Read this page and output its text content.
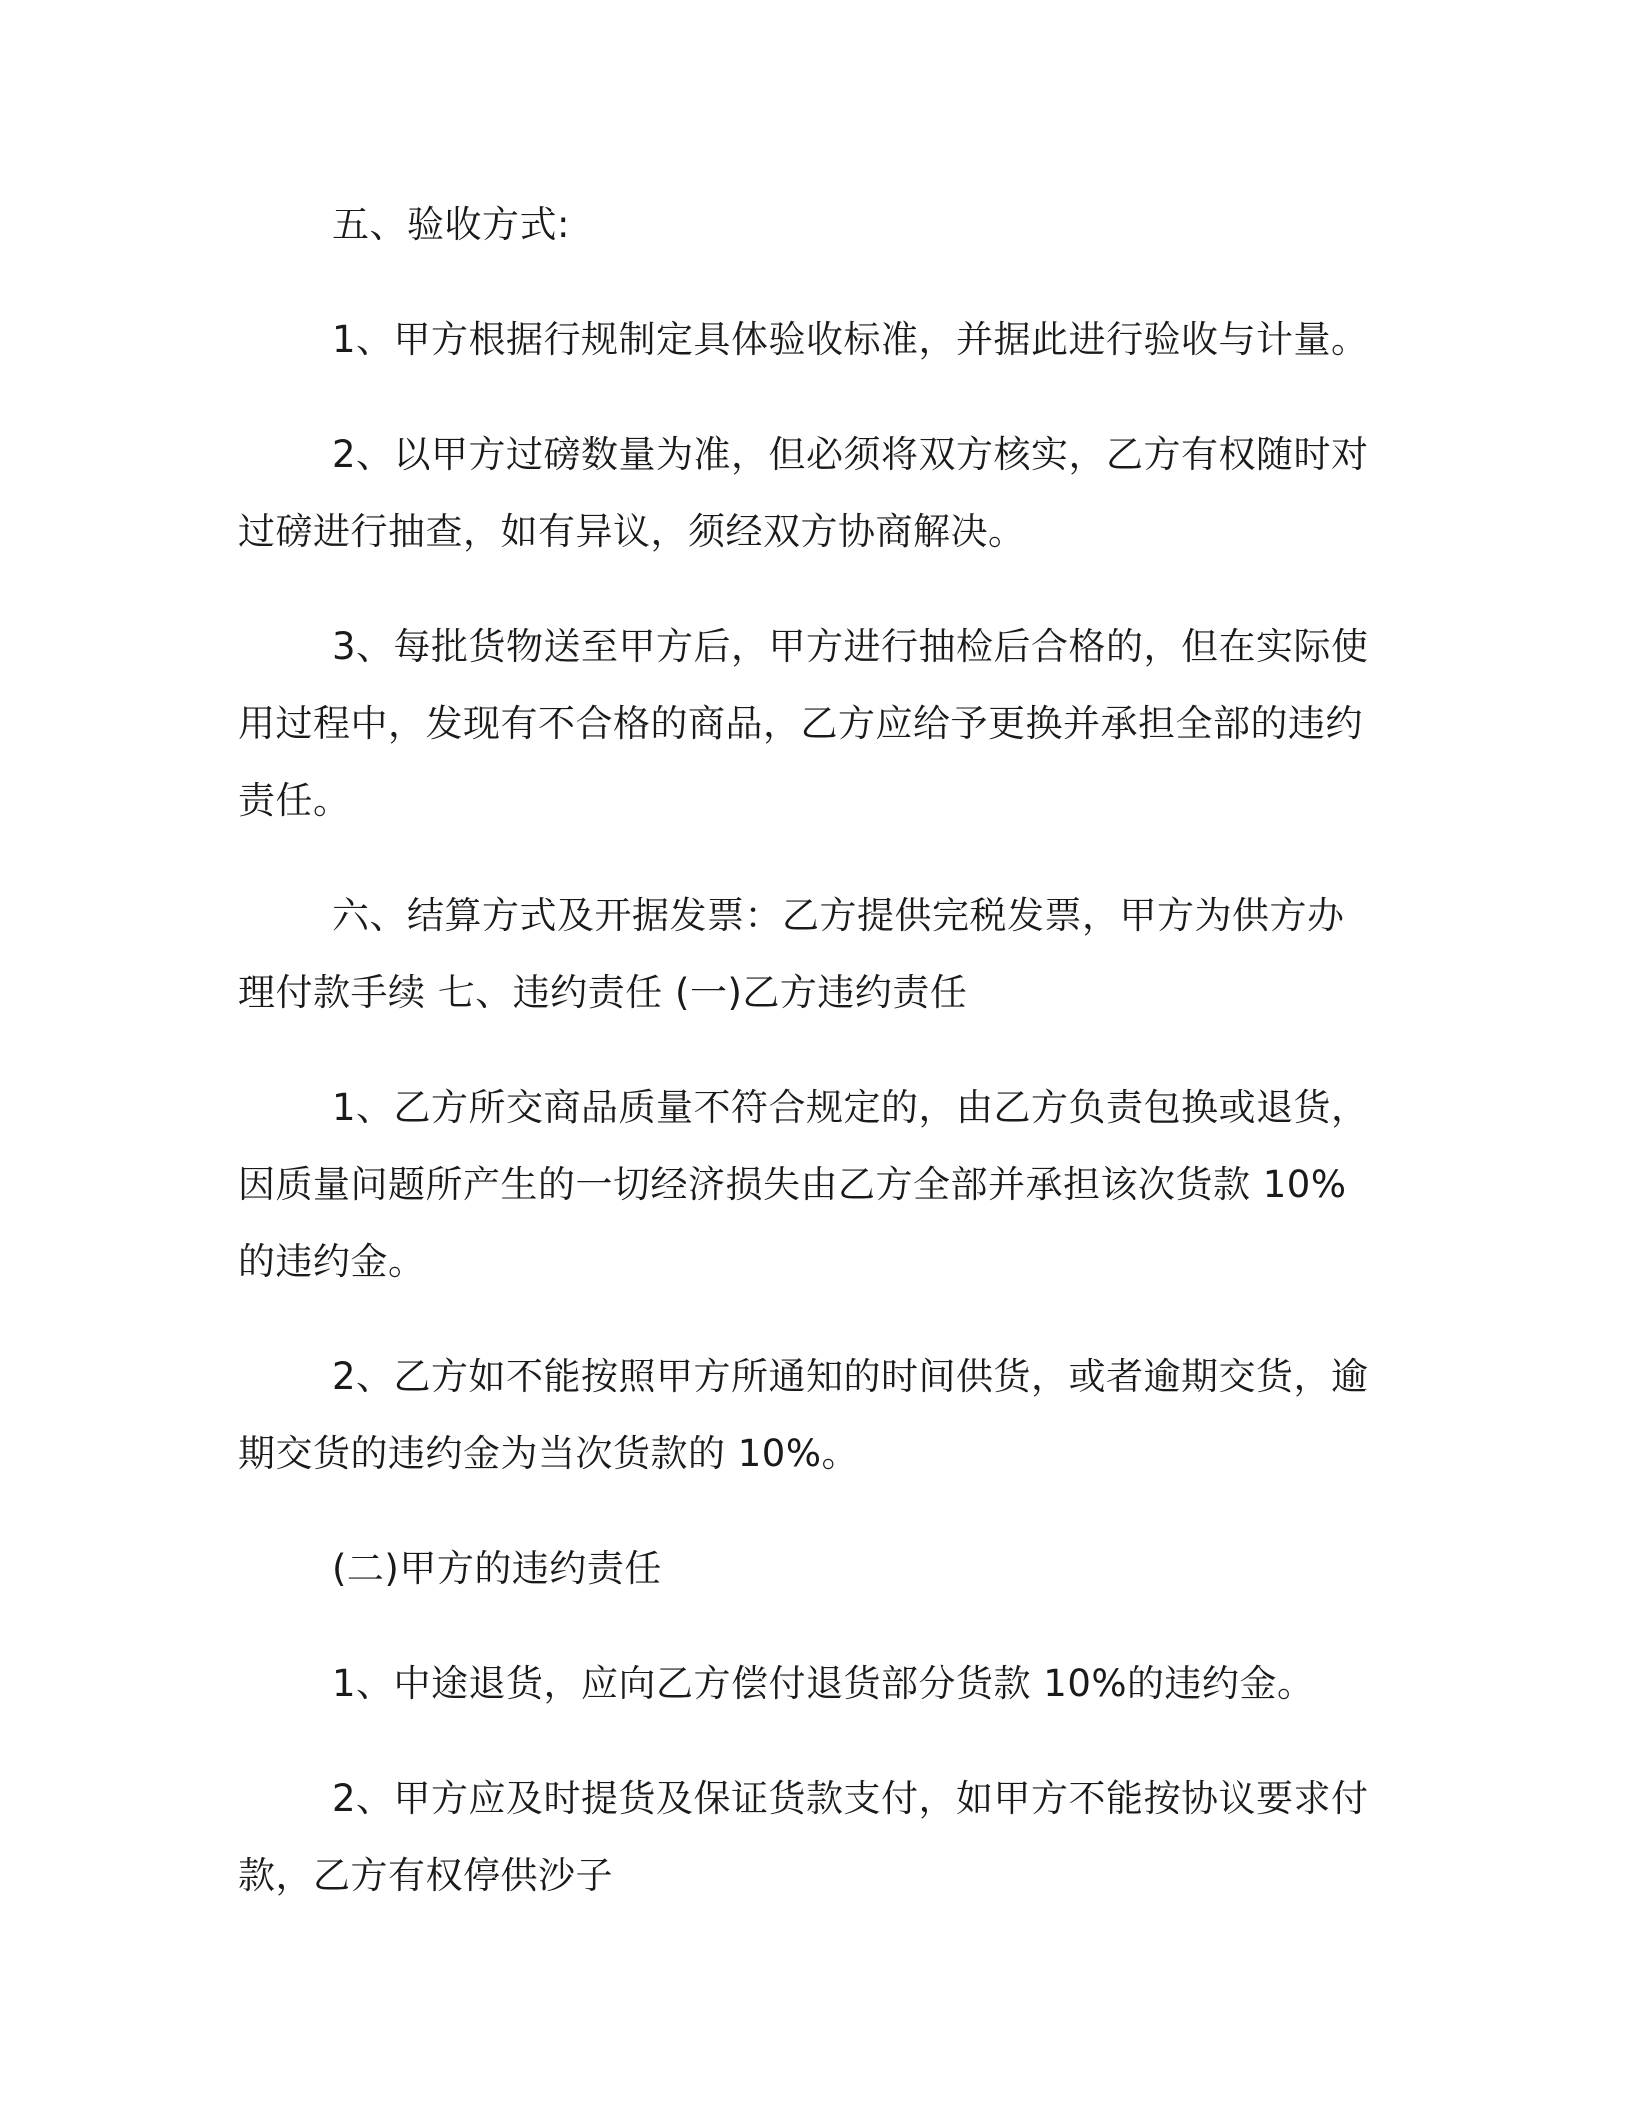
五、验收方式:

1、甲方根据行规制定具体验收标准，并据此进行验收与计量。

2、以甲方过磅数量为准，但必须将双方核实，乙方有权随时对过磅进行抽查，如有异议，须经双方协商解决。

3、每批货物送至甲方后，甲方进行抽检后合格的，但在实际使用过程中，发现有不合格的商品，乙方应给予更换并承担全部的违约责任。

六、结算方式及开据发票：乙方提供完税发票，甲方为供方办理付款手续 七、违约责任 (一)乙方违约责任

1、乙方所交商品质量不符合规定的，由乙方负责包换或退货，因质量问题所产生的一切经济损失由乙方全部并承担该次货款 10%的违约金。

2、乙方如不能按照甲方所通知的时间供货，或者逾期交货，逾期交货的违约金为当次货款的 10%。

(二)甲方的违约责任

1、中途退货，应向乙方偿付退货部分货款 10%的违约金。

2、甲方应及时提货及保证货款支付，如甲方不能按协议要求付款，乙方有权停供沙子
